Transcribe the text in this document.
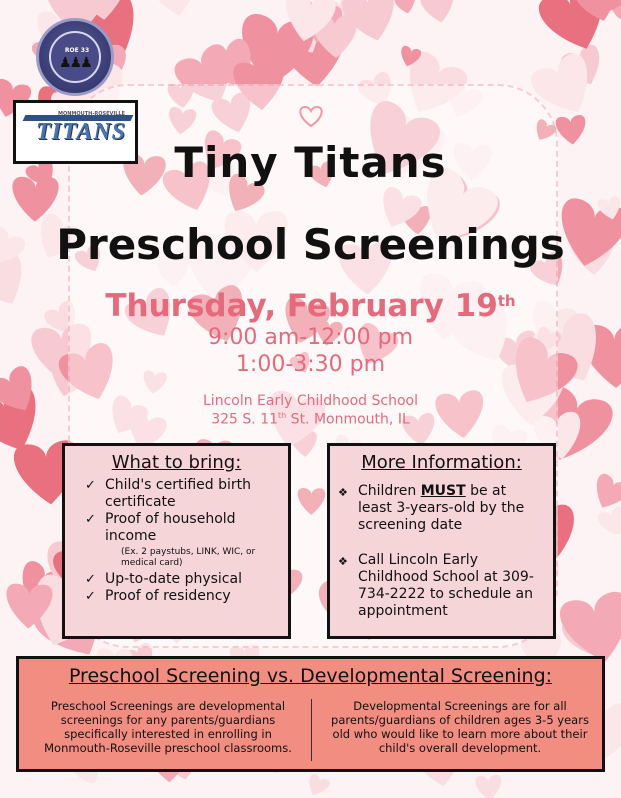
ROE 33
♟♟♟
MONMOUTH-ROSEVILLE
TITANS
Tiny Titans
Preschool Screenings
Thursday, February 19th
9:00 am-12:00 pm
1:00-3:30 pm
Lincoln Early Childhood School
325 S. 11th St. Monmouth, IL
What to bring:
✓ Child's certified birth certificate
✓ Proof of household income
(Ex. 2 paystubs, LINK, WIC, or medical card)
✓ Up-to-date physical
✓ Proof of residency
More Information:
❖ Children MUST be at least 3-years-old by the screening date
❖ Call Lincoln Early Childhood School at 309-734-2222 to schedule an appointment
Preschool Screening vs. Developmental Screening:
Preschool Screenings are developmental screenings for any parents/guardians specifically interested in enrolling in Monmouth-Roseville preschool classrooms.
Developmental Screenings are for all parents/guardians of children ages 3-5 years old who would like to learn more about their child's overall development.
